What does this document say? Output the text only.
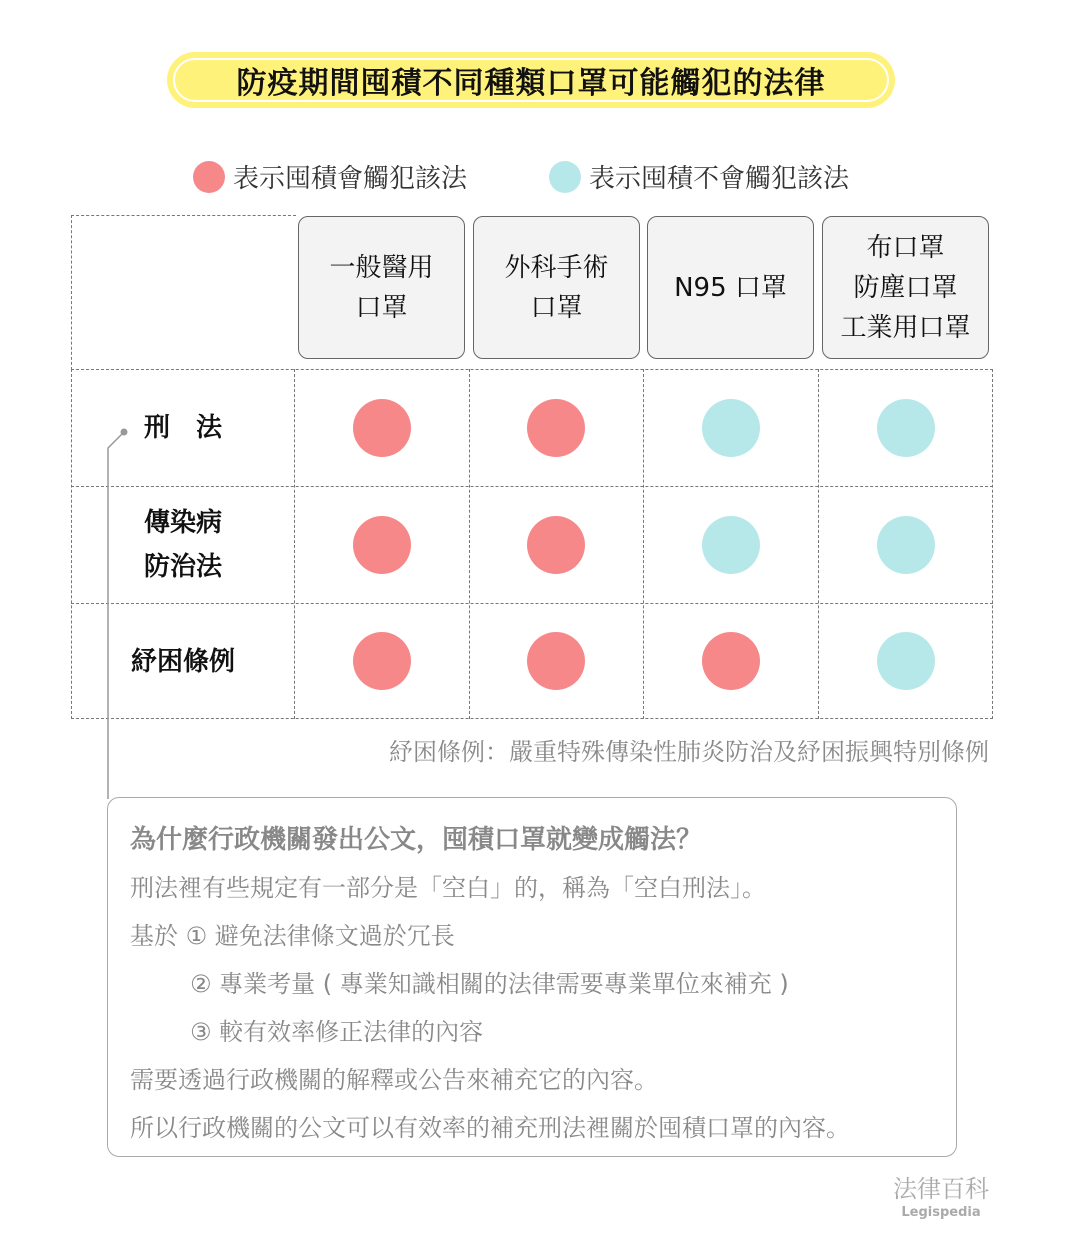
防疫期間囤積不同種類口罩可能觸犯的法律
表示囤積會觸犯該法	表示囤積不會觸犯該法
一般醫用
口罩
外科手術
口罩
N95 口罩
布口罩
防塵口罩
工業用口罩
刑　法
傳染病
防治法
紓困條例
紓困條例：嚴重特殊傳染性肺炎防治及紓困振興特別條例
為什麼行政機關發出公文，囤積口罩就變成觸法？
刑法裡有些規定有一部分是「空白」的，稱為「空白刑法」。
基於 ① 避免法律條文過於冗長
② 專業考量 ( 專業知識相關的法律需要專業單位來補充 )
③ 較有效率修正法律的內容
需要透過行政機關的解釋或公告來補充它的內容。
所以行政機關的公文可以有效率的補充刑法裡關於囤積口罩的內容。
法律百科
Legispedia
